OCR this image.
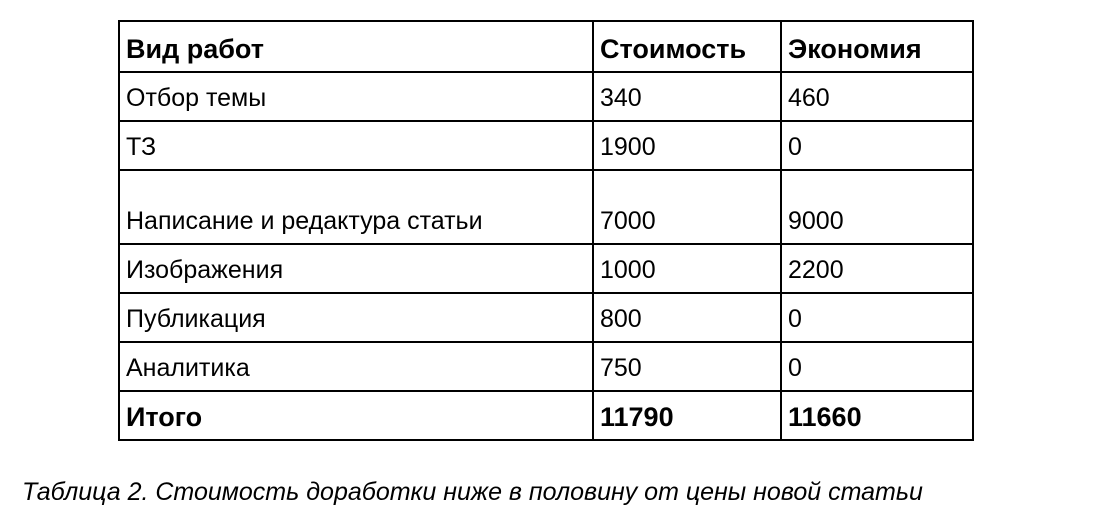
Вид работ	Стоимость	Экономия
Отбор темы	340	460
ТЗ	1900	0
Написание и редактура статьи	7000	9000
Изображения	1000	2200
Публикация	800	0
Аналитика	750	0
Итого	11790	11660
Таблица 2. Стоимость доработки ниже в половину от цены новой статьи
